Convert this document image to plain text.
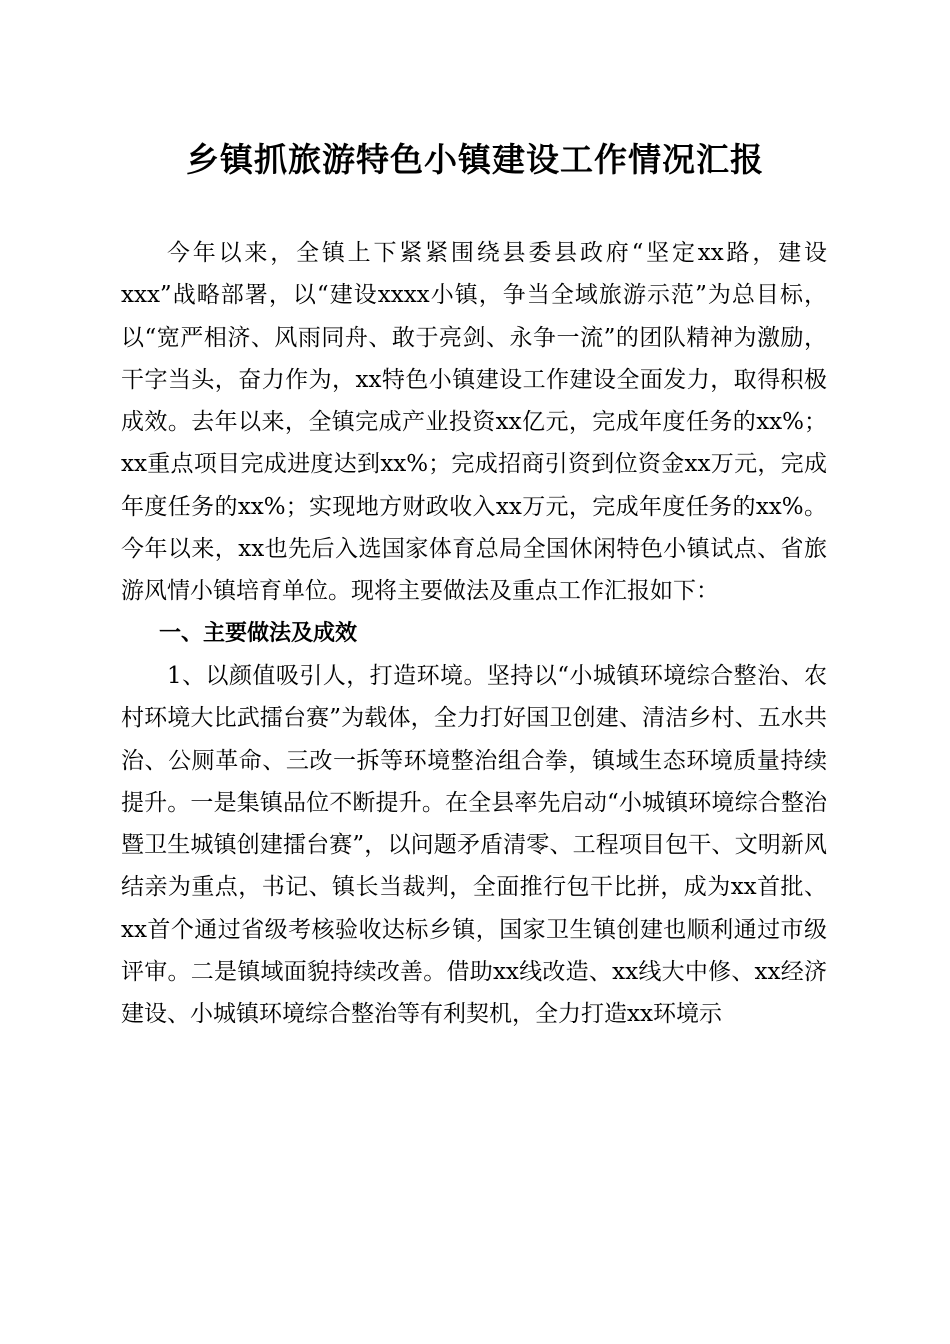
乡镇抓旅游特色小镇建设工作情况汇报

今年以来，全镇上下紧紧围绕县委县政府“坚定xx路，建设xxx”战略部署，以“建设xxxx小镇，争当全域旅游示范”为总目标，以“宽严相济、风雨同舟、敢于亮剑、永争一流”的团队精神为激励，干字当头，奋力作为，xx特色小镇建设工作建设全面发力，取得积极成效。去年以来，全镇完成产业投资xx亿元，完成年度任务的xx%；xx重点项目完成进度达到xx%；完成招商引资到位资金xx万元，完成年度任务的xx%；实现地方财政收入xx万元，完成年度任务的xx%。今年以来，xx也先后入选国家体育总局全国休闲特色小镇试点、省旅游风情小镇培育单位。现将主要做法及重点工作汇报如下：

一、主要做法及成效

1、以颜值吸引人，打造环境。坚持以“小城镇环境综合整治、农村环境大比武擂台赛”为载体，全力打好国卫创建、清洁乡村、五水共治、公厕革命、三改一拆等环境整治组合拳，镇域生态环境质量持续提升。一是集镇品位不断提升。在全县率先启动“小城镇环境综合整治暨卫生城镇创建擂台赛”，以问题矛盾清零、工程项目包干、文明新风结亲为重点，书记、镇长当裁判，全面推行包干比拼，成为xx首批、xx首个通过省级考核验收达标乡镇，国家卫生镇创建也顺利通过市级评审。二是镇域面貌持续改善。借助xx线改造、xx线大中修、xx经济建设、小城镇环境综合整治等有利契机，全力打造xx环境示
